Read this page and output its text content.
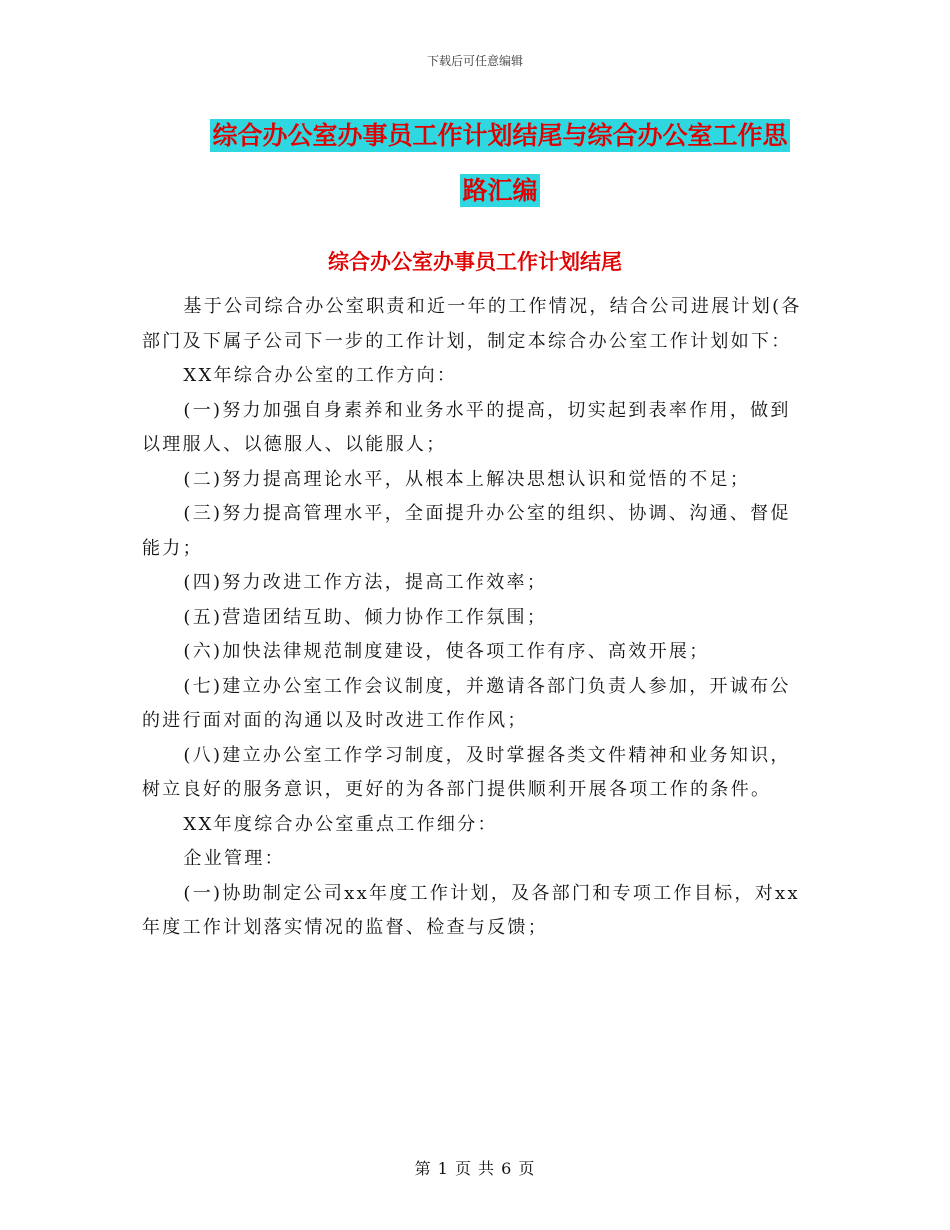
下载后可任意编辑
综合办公室办事员工作计划结尾与综合办公室工作思
路汇编
综合办公室办事员工作计划结尾

基于公司综合办公室职责和近一年的工作情况，结合公司进展计划(各部门及下属子公司下一步的工作计划，制定本综合办公室工作计划如下：

XX年综合办公室的工作方向：

(一)努力加强自身素养和业务水平的提高，切实起到表率作用，做到以理服人、以德服人、以能服人；

(二)努力提高理论水平，从根本上解决思想认识和觉悟的不足；

(三)努力提高管理水平，全面提升办公室的组织、协调、沟通、督促能力；

(四)努力改进工作方法，提高工作效率；

(五)营造团结互助、倾力协作工作氛围；

(六)加快法律规范制度建设，使各项工作有序、高效开展；

(七)建立办公室工作会议制度，并邀请各部门负责人参加，开诚布公的进行面对面的沟通以及时改进工作作风；

(八)建立办公室工作学习制度，及时掌握各类文件精神和业务知识，树立良好的服务意识，更好的为各部门提供顺利开展各项工作的条件。

XX年度综合办公室重点工作细分：

企业管理：

(一)协助制定公司xx年度工作计划，及各部门和专项工作目标，对xx年度工作计划落实情况的监督、检查与反馈；

第 1 页 共 6 页
